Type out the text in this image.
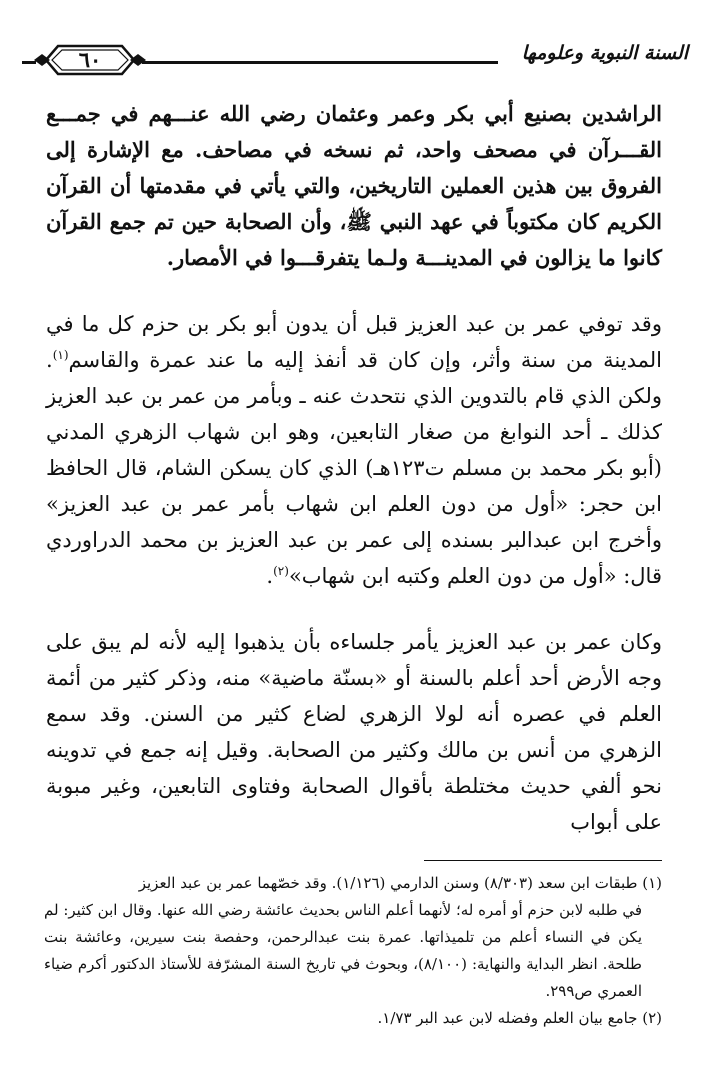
السنة النبوية وعلومها
٦٠

الراشدين بصنيع أبي بكر وعمر وعثمان رضي الله عنـــهم في جمـــع القـــرآن في مصحف واحد، ثم نسخه في مصاحف. مع الإشارة إلى الفروق بين هذين العملين التاريخين، والتي يأتي في مقدمتها أن القرآن الكريم كان مكتوباً في عهد النبي ﷺ، وأن الصحابة حين تم جمع القرآن كانوا ما يزالون في المدينـــة ولـما يتفرقـــوا في الأمصار.

وقد توفي عمر بن عبد العزيز قبل أن يدون أبو بكر بن حزم كل ما في المدينة من سنة وأثر، وإن كان قد أنفذ إليه ما عند عمرة والقاسم$^{(١)}$. ولكن الذي قام بالتدوين الذي نتحدث عنه ـ وبأمر من عمر بن عبد العزيز كذلك ـ أحد النوابغ من صغار التابعين، وهو ابن شهاب الزهري المدني (أبو بكر محمد بن مسلم ت١٢٣هـ) الذي كان يسكن الشام، قال الحافظ ابن حجر: «أول من دون العلم ابن شهاب بأمر عمر بن عبد العزيز» وأخرج ابن عبدالبر بسنده إلى عمر بن عبد العزيز بن محمد الدراوردي قال: «أول من دون العلم وكتبه ابن شهاب»$^{(٢)}$.

وكان عمر بن عبد العزيز يأمر جلساءه بأن يذهبوا إليه لأنه لم يبق على وجه الأرض أحد أعلم بالسنة أو «بسنّة ماضية» منه، وذكر كثير من أئمة العلم في عصره أنه لولا الزهري لضاع كثير من السنن. وقد سمع الزهري من أنس بن مالك وكثير من الصحابة. وقيل إنه جمع في تدوينه نحو ألفي حديث مختلطة بأقوال الصحابة وفتاوى التابعين، وغير مبوبة على أبواب

(١) طبقات ابن سعد (٨/٣٠٣) وسنن الدارمي (١/١٢٦). وقد خصّهما عمر بن عبد العزيز
في طلبه لابن حزم أو أمره له؛ لأنهما أعلم الناس بحديث عائشة رضي الله عنها. وقال ابن كثير: لم يكن في النساء أعلم من تلميذاتها. عمرة بنت عبدالرحمن، وحفصة بنت سيرين، وعائشة بنت طلحة. انظر البداية والنهاية: (٨/١٠٠)، وبحوث في تاريخ السنة المشرّفة للأستاذ الدكتور أكرم ضياء العمري ص٢٩٩.

(٢) جامع بيان العلم وفضله لابن عبد البر ١/٧٣.
